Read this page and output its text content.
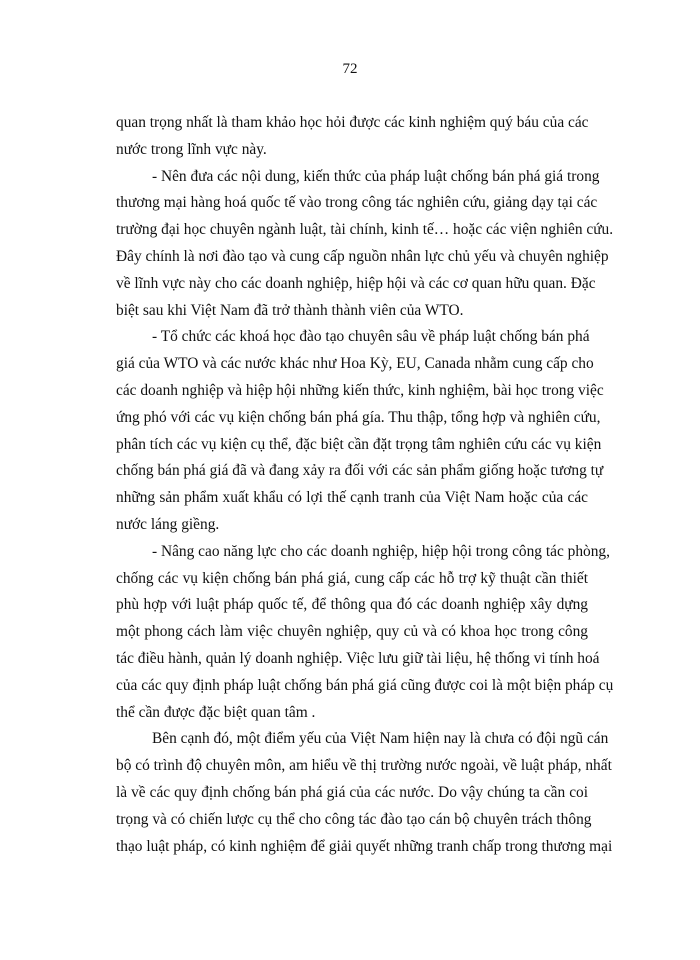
72
quan trọng nhất là tham khảo học hỏi được các kinh nghiệm quý báu của các
nước trong lĩnh vực này.
- Nên đưa các nội dung, kiến thức của pháp luật chống bán phá giá trong
thương mại hàng hoá quốc tế vào trong công tác nghiên cứu, giảng dạy tại các
trường đại học chuyên ngành luật, tài chính, kinh tế… hoặc các viện nghiên cứu.
Đây chính là nơi đào tạo và cung cấp nguồn nhân lực chủ yếu và chuyên nghiệp
về lĩnh vực này cho các doanh nghiệp, hiệp hội và các cơ quan hữu quan. Đặc
biệt sau khi Việt Nam đã trở thành thành viên của WTO.
- Tổ chức các khoá học đào tạo chuyên sâu về pháp luật chống bán phá
giá của WTO và các nước khác như Hoa Kỳ, EU, Canada nhằm cung cấp cho
các doanh nghiệp và hiệp hội những kiến thức, kinh nghiệm, bài học trong việc
ứng phó với các vụ kiện chống bán phá gía. Thu thập, tổng hợp và nghiên cứu,
phân tích các vụ kiện cụ thể, đặc biệt cần đặt trọng tâm nghiên cứu các vụ kiện
chống bán phá giá đã và đang xảy ra đối với các sản phẩm giống hoặc tương tự
những sản phẩm xuất khẩu có lợi thế cạnh tranh của Việt Nam hoặc của các
nước láng giềng.
- Nâng cao năng lực cho các doanh nghiệp, hiệp hội trong công tác phòng,
chống các vụ kiện chống bán phá giá, cung cấp các hỗ trợ kỹ thuật cần thiết
phù hợp với luật pháp quốc tế, để thông qua đó các doanh nghiệp xây dựng
một phong cách làm việc chuyên nghiệp, quy củ và có khoa học trong công
tác điều hành, quản lý doanh nghiệp. Việc lưu giữ tài liệu, hệ thống vi tính hoá
của các quy định pháp luật chống bán phá giá cũng được coi là một biện pháp cụ
thể cần được đặc biệt quan tâm .
Bên cạnh đó, một điểm yếu của Việt Nam hiện nay là chưa có đội ngũ cán
bộ có trình độ chuyên môn, am hiểu về thị trường nước ngoài, về luật pháp, nhất
là về các quy định chống bán phá giá của các nước. Do vậy chúng ta cần coi
trọng và có chiến lược cụ thể cho công tác đào tạo cán bộ chuyên trách thông
thạo luật pháp, có kinh nghiệm để giải quyết những tranh chấp trong thương mại
